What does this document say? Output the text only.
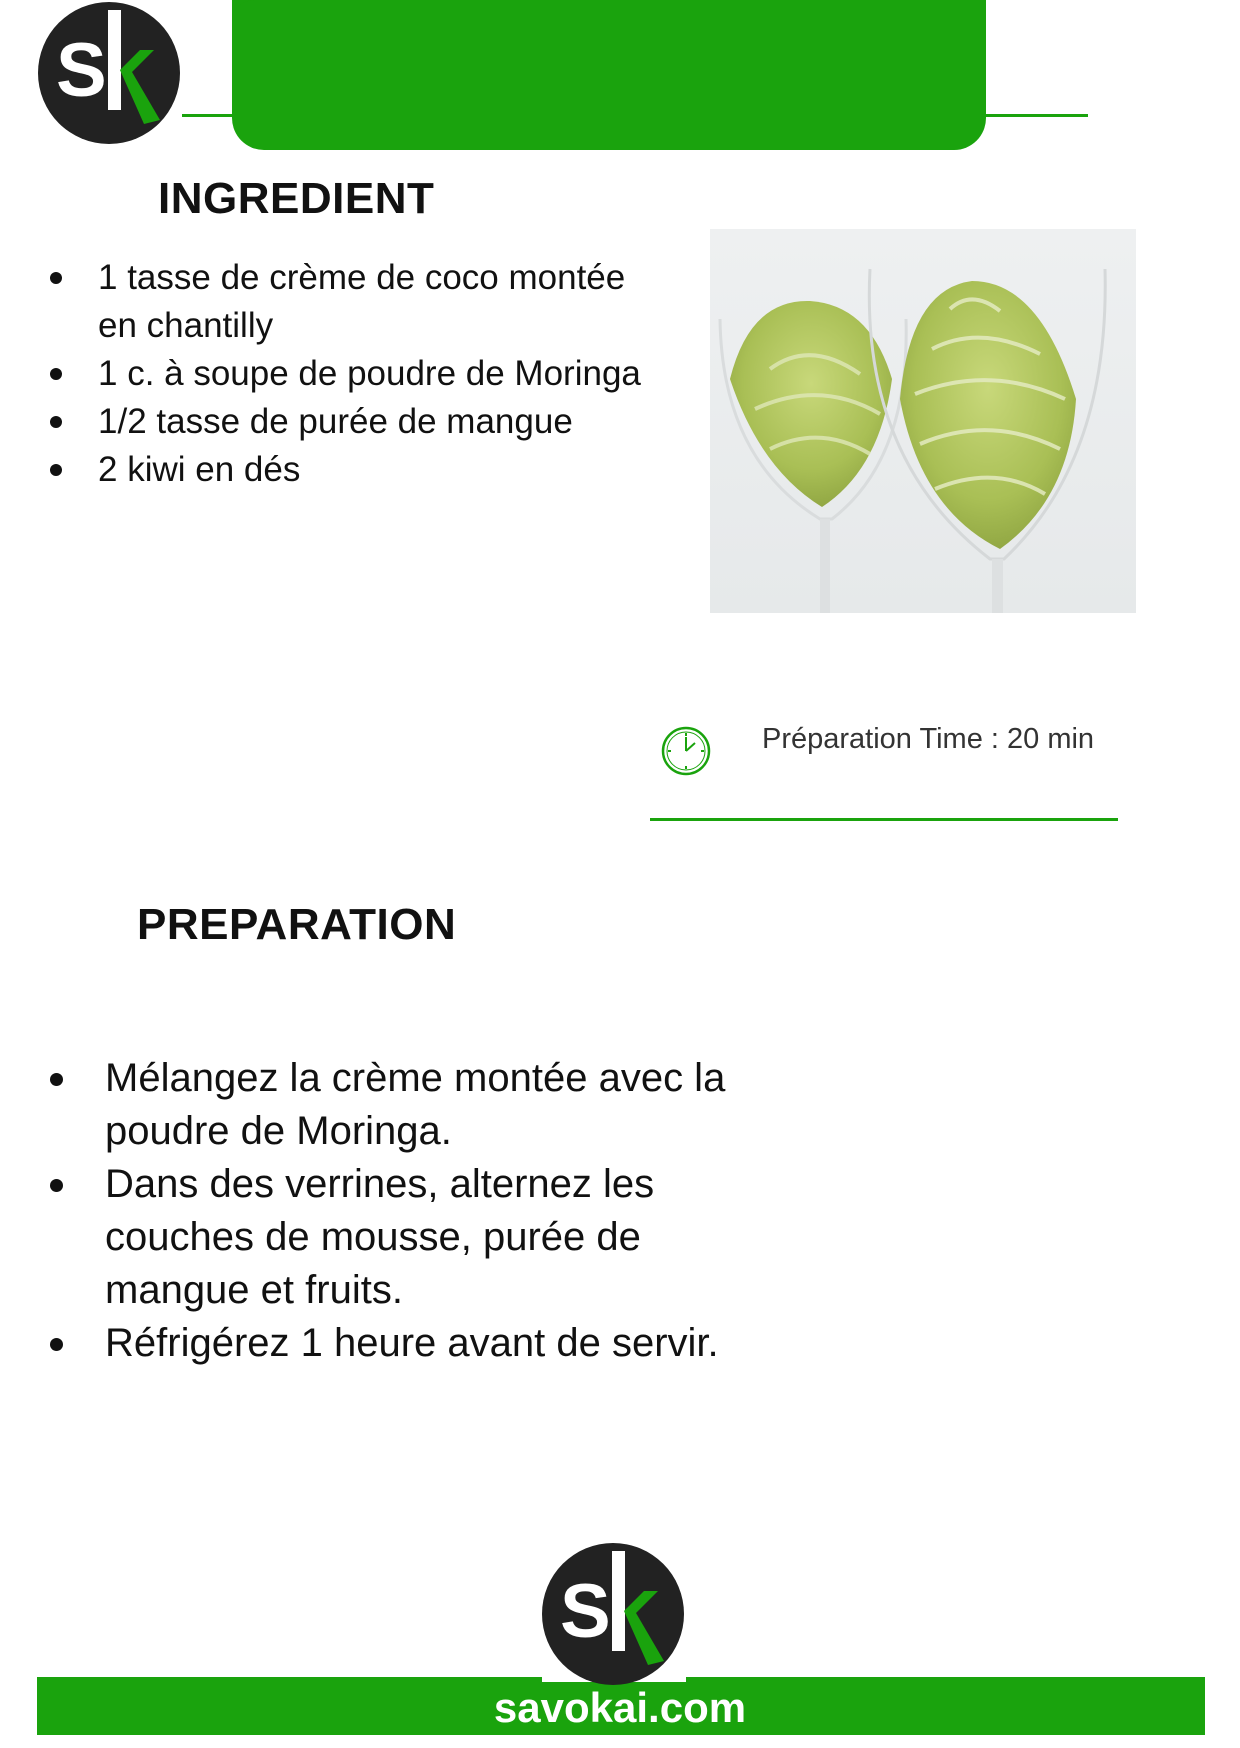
S
INGREDIENT
1 tasse de crème de coco montée en chantilly
1 c. à soupe de poudre de Moringa
1/2 tasse de purée de mangue
2 kiwi en dés
Préparation Time : 20 min
PREPARATION
Mélangez la crème montée avec la poudre de Moringa.
Dans des verrines, alternez les couches de mousse, purée de mangue et fruits.
Réfrigérez 1 heure avant de servir.
S
savokai.com
